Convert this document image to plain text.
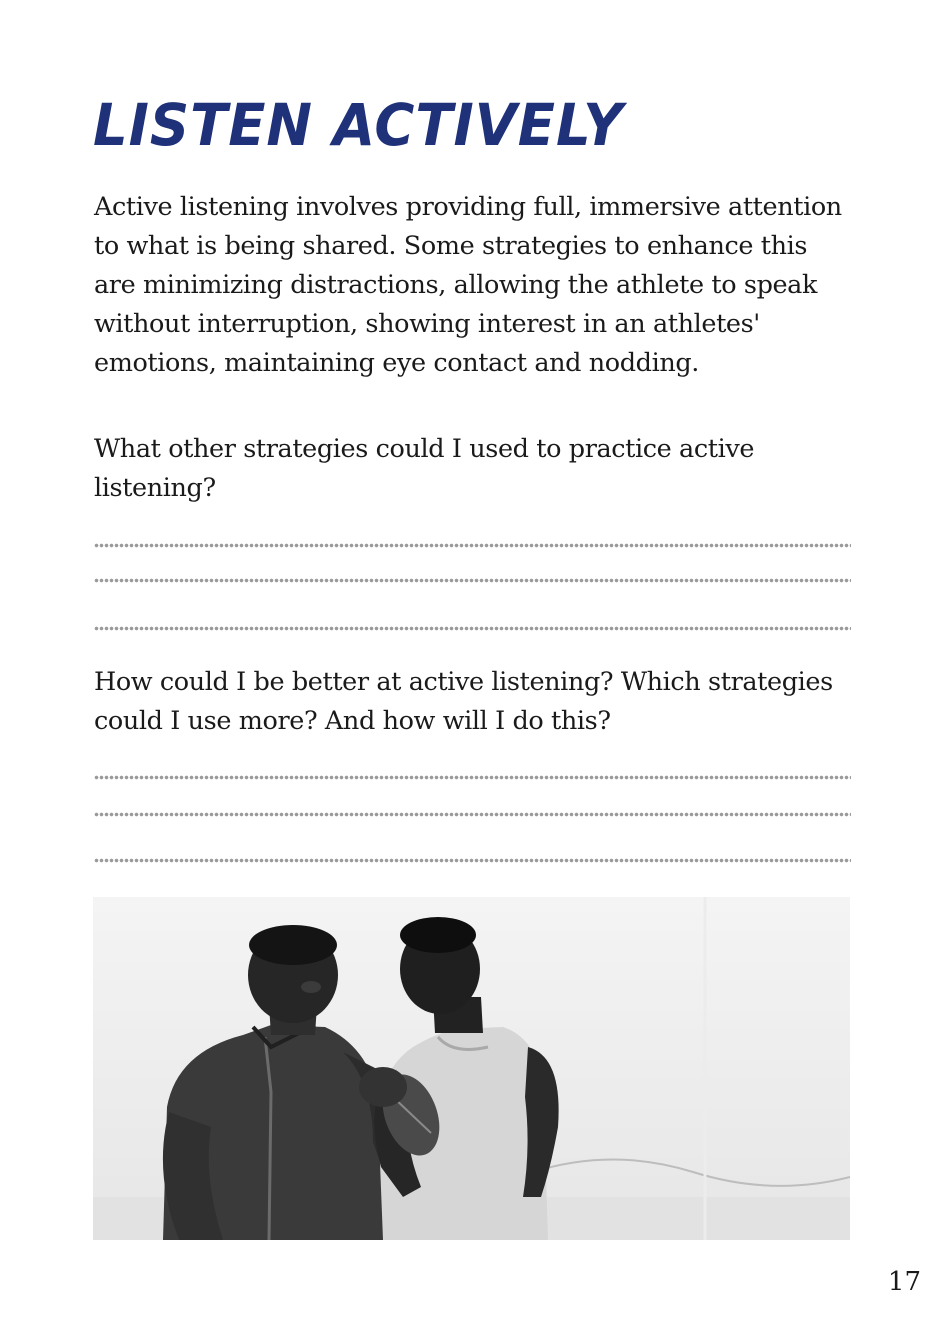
LISTEN ACTIVELY

Active listening involves providing full, immersive attention to what is being shared. Some strategies to enhance this are minimizing distractions, allowing the athlete to speak without interruption, showing interest in an athletes' emotions, maintaining eye contact and nodding.

What other strategies could I used to practice active listening?

How could I be better at active listening? Which strategies could I use more? And how will I do this?

17
